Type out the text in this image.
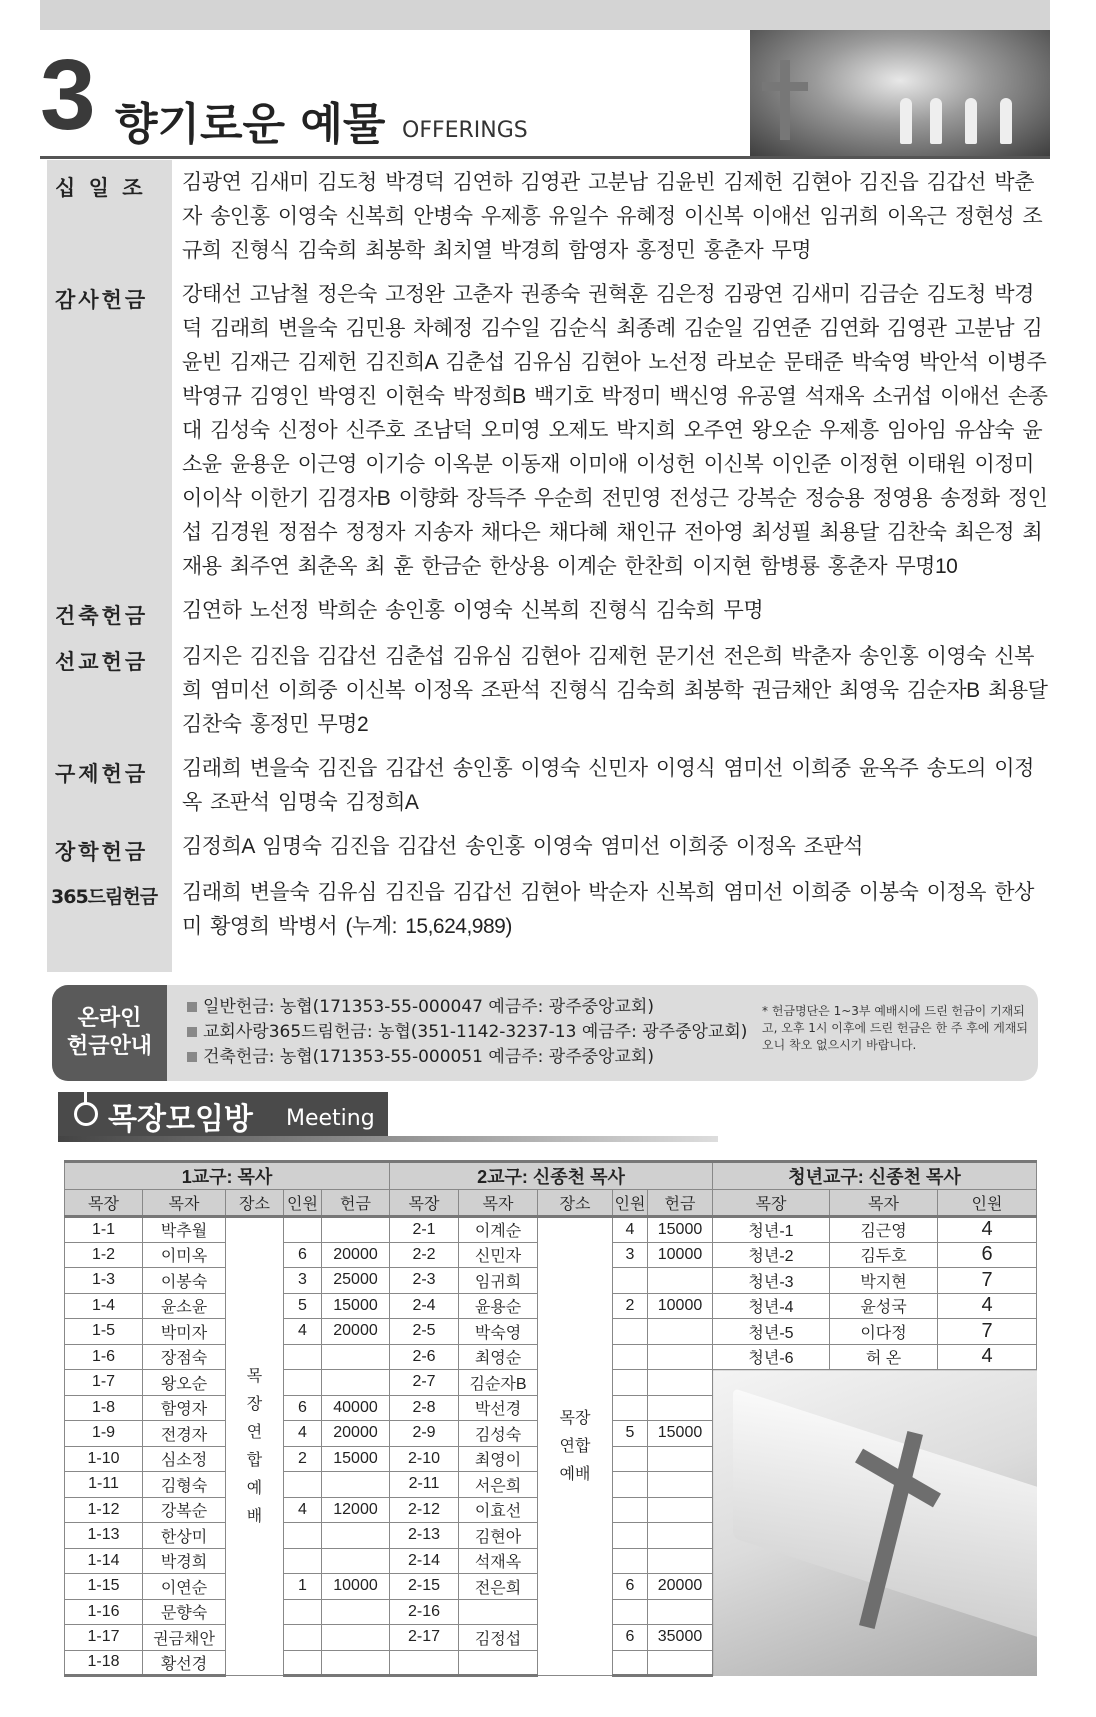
3 향기로운 예물 OFFERINGS
십 일 조	김광연 김새미 김도청 박경덕 김연하 김영관 고분남 김윤빈 김제헌 김현아 김진읍 김갑선 박춘자 송인홍 이영숙 신복희 안병숙 우제흥 유일수 유혜정 이신복 이애선 임귀희 이옥근 정현성 조규희 진형식 김숙희 최봉학 최치열 박경희 함영자 홍정민 홍춘자 무명
감사헌금	강태선 고남철 정은숙 고정완 고춘자 권종숙 권혁훈 김은정 김광연 김새미 김금순 김도청 박경덕 김래희 변을숙 김민용 차혜정 김수일 김순식 최종례 김순일 김연준 김연화 김영관 고분남 김윤빈 김재근 김제헌 김진희A 김춘섭 김유심 김현아 노선정 라보순 문태준 박숙영 박안석 이병주 박영규 김영인 박영진 이현숙 박정희B 백기호 박정미 백신영 유공열 석재옥 소귀섭 이애선 손종대 김성숙 신정아 신주호 조남덕 오미영 오제도 박지희 오주연 왕오순 우제흥 임아임 유삼숙 윤소윤 윤용운 이근영 이기승 이옥분 이동재 이미애 이성헌 이신복 이인준 이정현 이태원 이정미 이이삭 이한기 김경자B 이향화 장득주 우순희 전민영 전성근 강복순 정승용 정영용 송정화 정인섭 김경원 정점수 정정자 지송자 채다은 채다혜 채인규 전아영 최성필 최용달 김찬숙 최은정 최재용 최주연 최춘옥 최 훈 한금순 한상용 이계순 한찬희 이지현 함병룡 홍춘자 무명10
건축헌금	김연하 노선정 박희순 송인홍 이영숙 신복희 진형식 김숙희 무명
선교헌금	김지은 김진읍 김갑선 김춘섭 김유심 김현아 김제헌 문기선 전은희 박춘자 송인홍 이영숙 신복희 염미선 이희중 이신복 이정옥 조판석 진형식 김숙희 최봉학 권금채안 최영욱 김순자B 최용달 김찬숙 홍정민 무명2
구제헌금	김래희 변을숙 김진읍 김갑선 송인홍 이영숙 신민자 이영식 염미선 이희중 윤옥주 송도의 이정옥 조판석 임명숙 김정희A
장학헌금	김정희A 임명숙 김진읍 김갑선 송인홍 이영숙 염미선 이희중 이정옥 조판석
365드림헌금	김래희 변을숙 김유심 김진읍 김갑선 김현아 박순자 신복희 염미선 이희중 이봉숙 이정옥 한상미 황영희 박병서 (누계: 15,624,989)
온라인
헌금안내
일반헌금: 농협(171353-55-000047 예금주: 광주중앙교회)
교회사랑365드림헌금: 농협(351-1142-3237-13 예금주: 광주중앙교회)
건축헌금: 농협(171353-55-000051 예금주: 광주중앙교회)
* 헌금명단은 1~3부 예배시에 드린 헌금이 기재되고, 오후 1시 이후에 드린 헌금은 한 주 후에 게재되오니 착오 없으시기 바랍니다.
목장모임방 Meeting
1교구: 목사					2교구: 신종천 목사					청년교구: 신종천 목사		
목장	목자	장소	인원	헌금	목장	목자	장소	인원	헌금	목장	목자	인원
1-1	박추월	목장 연합 예배			2-1	이계순	목장 연합 예배	4	15000	청년-1	김근영	4
1-2	이미옥		6	20000	2-2	신민자		3	10000	청년-2	김두호	6
1-3	이봉숙		3	25000	2-3	임귀희				청년-3	박지현	7
1-4	윤소윤		5	15000	2-4	윤용순		2	10000	청년-4	윤성국	4
1-5	박미자		4	20000	2-5	박숙영				청년-5	이다정	7
1-6	장점숙				2-6	최영순				청년-6	허 온	4
1-7	왕오순				2-7	김순자B						

1-8	함영자		6	40000	2-8	박선경						
1-9	전경자		4	20000	2-9	김성숙		5	15000			
1-10	심소정		2	15000	2-10	최영이						
1-11	김형숙				2-11	서은희						
1-12	강복순		4	12000	2-12	이효선						
1-13	한상미				2-13	김현아						
1-14	박경희				2-14	석재옥						
1-15	이연순		1	10000	2-15	전은희		6	20000			
1-16	문향숙				2-16							
1-17	권금채안				2-17	김정섭		6	35000			
1-18	황선경											
